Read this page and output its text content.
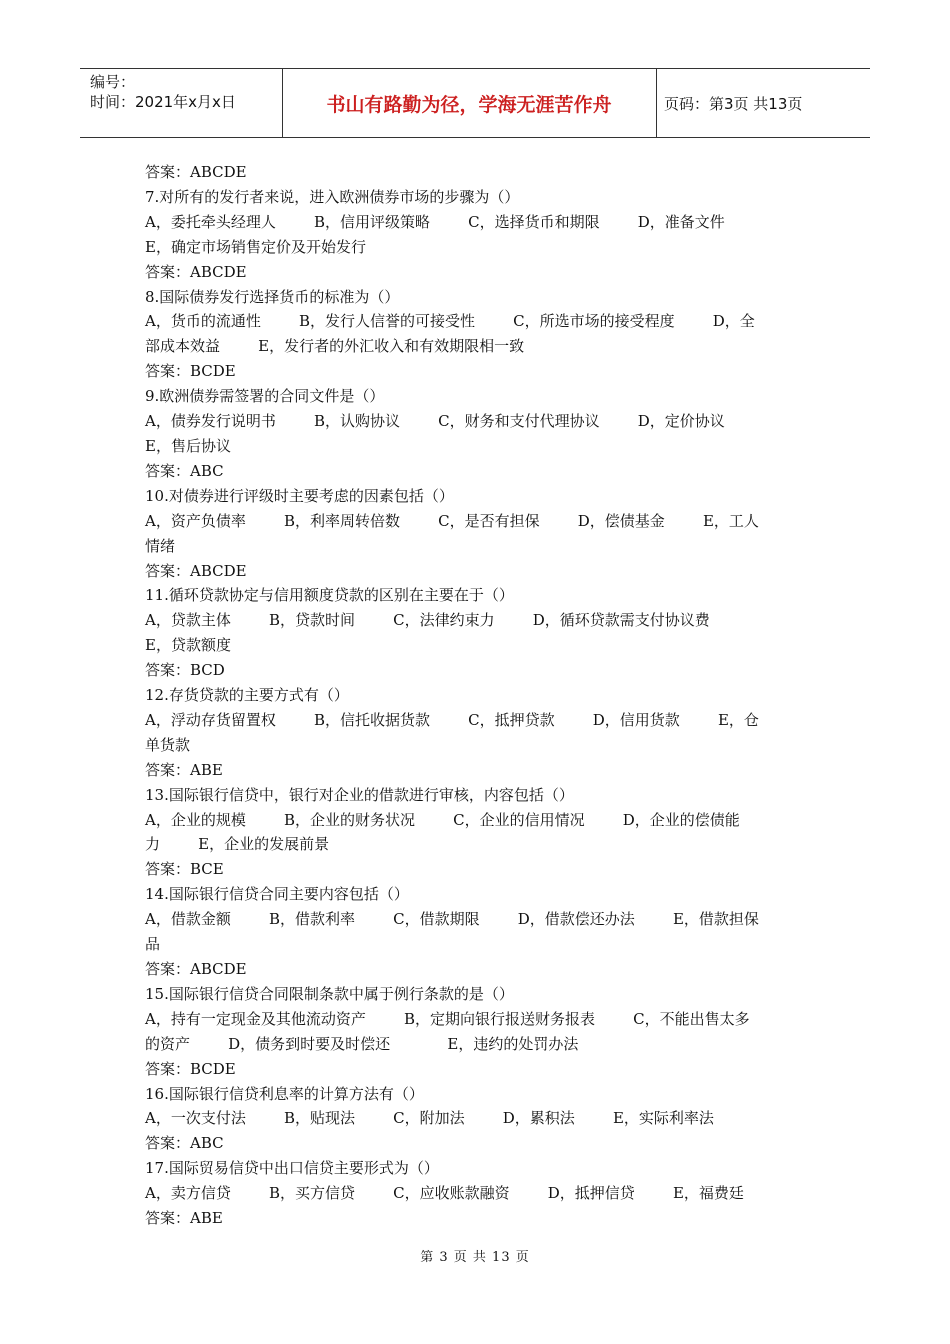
编号：
时间：2021年x月x日	书山有路勤为径，学海无涯苦作舟	页码：第3页 共13页
答案：ABCDE
7.对所有的发行者来说，进入欧洲债券市场的步骤为（）
A，委托牵头经理人        B，信用评级策略        C，选择货币和期限        D，准备文件
E，确定市场销售定价及开始发行
答案：ABCDE
8.国际债券发行选择货币的标准为（）
A，货币的流通性        B，发行人信誉的可接受性        C，所选市场的接受程度        D，全
部成本效益        E，发行者的外汇收入和有效期限相一致
答案：BCDE
9.欧洲债券需签署的合同文件是（）
A，债券发行说明书        B，认购协议        C，财务和支付代理协议        D，定价协议
E，售后协议
答案：ABC
10.对债券进行评级时主要考虑的因素包括（）
A，资产负债率        B，利率周转倍数        C，是否有担保        D，偿债基金        E，工人
情绪
答案：ABCDE
11.循环贷款协定与信用额度贷款的区别在主要在于（）
A，贷款主体        B，贷款时间        C，法律约束力        D，循环贷款需支付协议费
E，贷款额度
答案：BCD
12.存货贷款的主要方式有（）
A，浮动存货留置权        B，信托收据货款        C，抵押贷款        D，信用货款        E，仓
单货款
答案：ABE
13.国际银行信贷中，银行对企业的借款进行审核，内容包括（）
A，企业的规模        B，企业的财务状况        C，企业的信用情况        D，企业的偿债能
力        E，企业的发展前景
答案：BCE
14.国际银行信贷合同主要内容包括（）
A，借款金额        B，借款利率        C，借款期限        D，借款偿还办法        E，借款担保
品
答案：ABCDE
15.国际银行信贷合同限制条款中属于例行条款的是（）
A，持有一定现金及其他流动资产        B，定期向银行报送财务报表        C，不能出售太多
的资产        D，债务到时要及时偿还            E，违约的处罚办法
答案：BCDE
16.国际银行信贷利息率的计算方法有（）
A，一次支付法        B，贴现法        C，附加法        D，累积法        E，实际利率法
答案：ABC
17.国际贸易信贷中出口信贷主要形式为（）
A，卖方信贷        B，买方信贷        C，应收账款融资        D，抵押信贷        E，福费廷
答案：ABE
第 3 页 共 13 页
